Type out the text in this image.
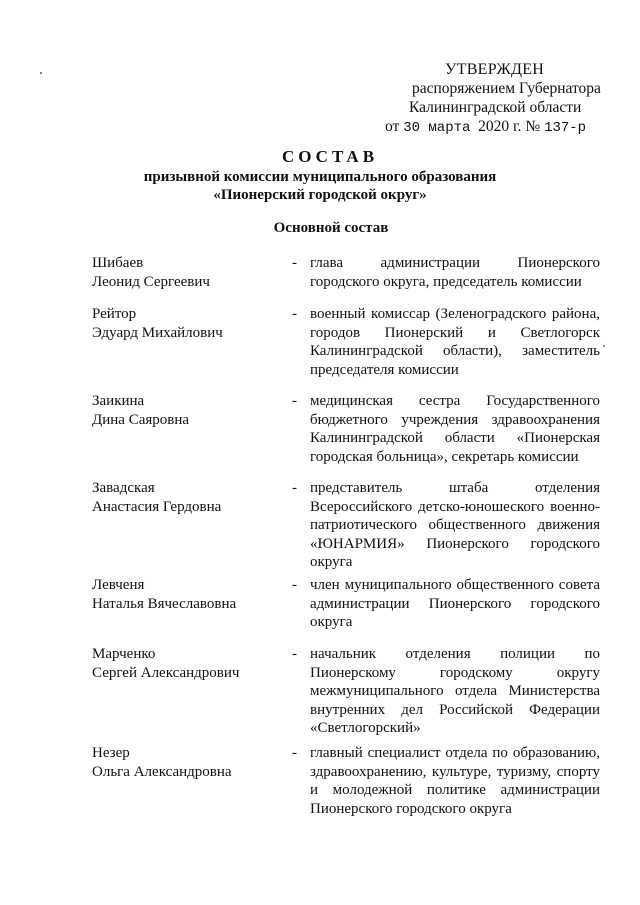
УТВЕРЖДЕН
распоряжением Губернатора
Калининградской области
от 30 марта 2020 г. № 137-р
СОСТАВ
призывной комиссии муниципального образования
«Пионерский городской округ»
Основной состав
Шибаев
Леонид Сергеевич
- глава администрации Пионерского городского округа, председатель комиссии
Рейтор
Эдуард Михайлович
- военный комиссар (Зеленоградского района, городов Пионерский и Светлогорск Калининградской области), заместитель председателя комиссии
Заикина
Дина Саяровна
- медицинская сестра Государственного бюджетного учреждения здравоохранения Калининградской области «Пионерская городская больница», секретарь комиссии
Завадская
Анастасия Гердовна
- представитель штаба отделения Всероссийского детско-юношеского военно-патриотического общественного движения «ЮНАРМИЯ» Пионерского городского округа
Левченя
Наталья Вячеславовна
- член муниципального общественного совета администрации Пионерского городского округа
Марченко
Сергей Александрович
- начальник отделения полиции по Пионерскому городскому округу межмуниципального отдела Министерства внутренних дел Российской Федерации «Светлогорский»
Незер
Ольга Александровна
- главный специалист отдела по образованию, здравоохранению, культуре, туризму, спорту и молодежной политике администрации Пионерского городского округа
